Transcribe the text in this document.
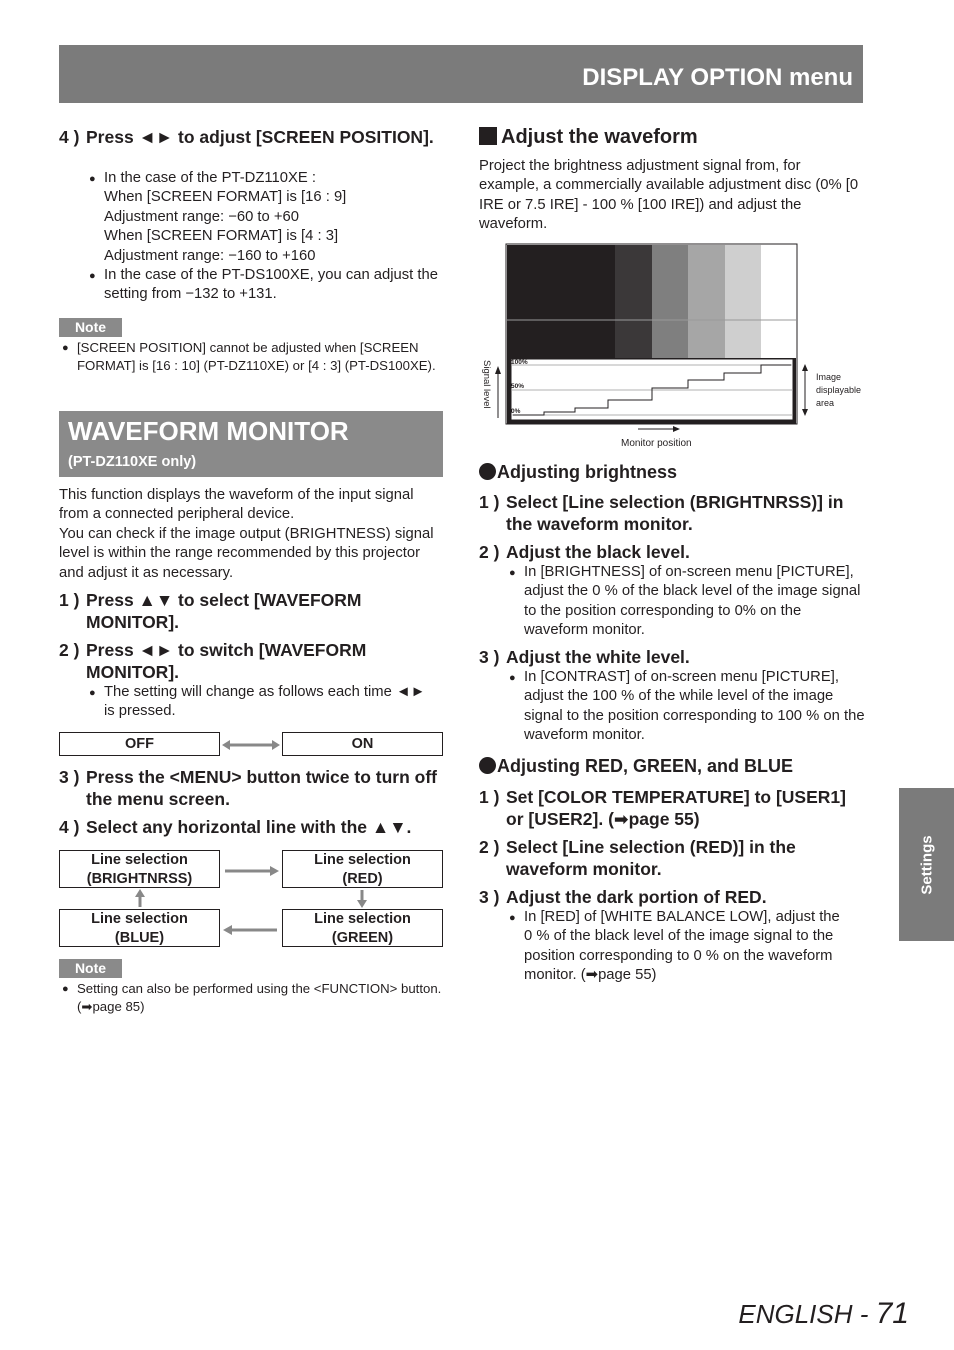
DISPLAY OPTION menu
4 ) Press ◄► to adjust [SCREEN POSITION].
● In the case of the PT-DZ110XE :
When [SCREEN FORMAT] is [16 : 9]
Adjustment range: −60 to +60
When [SCREEN FORMAT] is [4 : 3]
Adjustment range: −160 to +160
● In the case of the PT-DS100XE, you can adjust the setting from −132 to +131.
Note
● [SCREEN POSITION] cannot be adjusted when [SCREEN FORMAT] is [16 : 10] (PT-DZ110XE) or [4 : 3] (PT-DS100XE).
WAVEFORM MONITOR
(PT-DZ110XE only)
This function displays the waveform of the input signal from a connected peripheral device.
You can check if the image output (BRIGHTNESS) signal level is within the range recommended by this projector and adjust it as necessary.
1 ) Press ▲▼ to select [WAVEFORM MONITOR].
2 ) Press ◄► to switch [WAVEFORM MONITOR].
● The setting will change as follows each time ◄► is pressed.
OFF	ON
3 ) Press the <MENU> button twice to turn off the menu screen.
4 ) Select any horizontal line with the ▲▼.
Line selection
(BRIGHTNRSS)
Line selection
(RED)
Line selection
(BLUE)
Line selection
(GREEN)
Note
● Setting can also be performed using the <FUNCTION> button. (➡page 85)
Adjust the waveform
Project the brightness adjustment signal from, for example, a commercially available adjustment disc (0% [0 IRE or 7.5 IRE] - 100 % [100 IRE]) and adjust the waveform.
100%
50%
0%
Signal level	Image
displayable
area
Monitor position
Adjusting brightness
1 ) Select [Line selection (BRIGHTNRSS)] in the waveform monitor.
2 ) Adjust the black level.
● In [BRIGHTNESS] of on-screen menu [PICTURE], adjust the 0 % of the black level of the image signal to the position corresponding to 0% on the waveform monitor.
3 ) Adjust the white level.
● In [CONTRAST] of on-screen menu [PICTURE], adjust the 100 % of the while level of the image signal to the position corresponding to 100 % on the waveform monitor.
Adjusting RED, GREEN, and BLUE
1 ) Set [COLOR TEMPERATURE] to [USER1] or [USER2]. (➡page 55)
2 ) Select [Line selection (RED)] in the waveform monitor.
3 ) Adjust the dark portion of RED.
● In [RED] of [WHITE BALANCE LOW], adjust the 0 % of the black level of the image signal to the position corresponding to 0 % on the waveform monitor. (➡page 55)
Settings
ENGLISH - 71
